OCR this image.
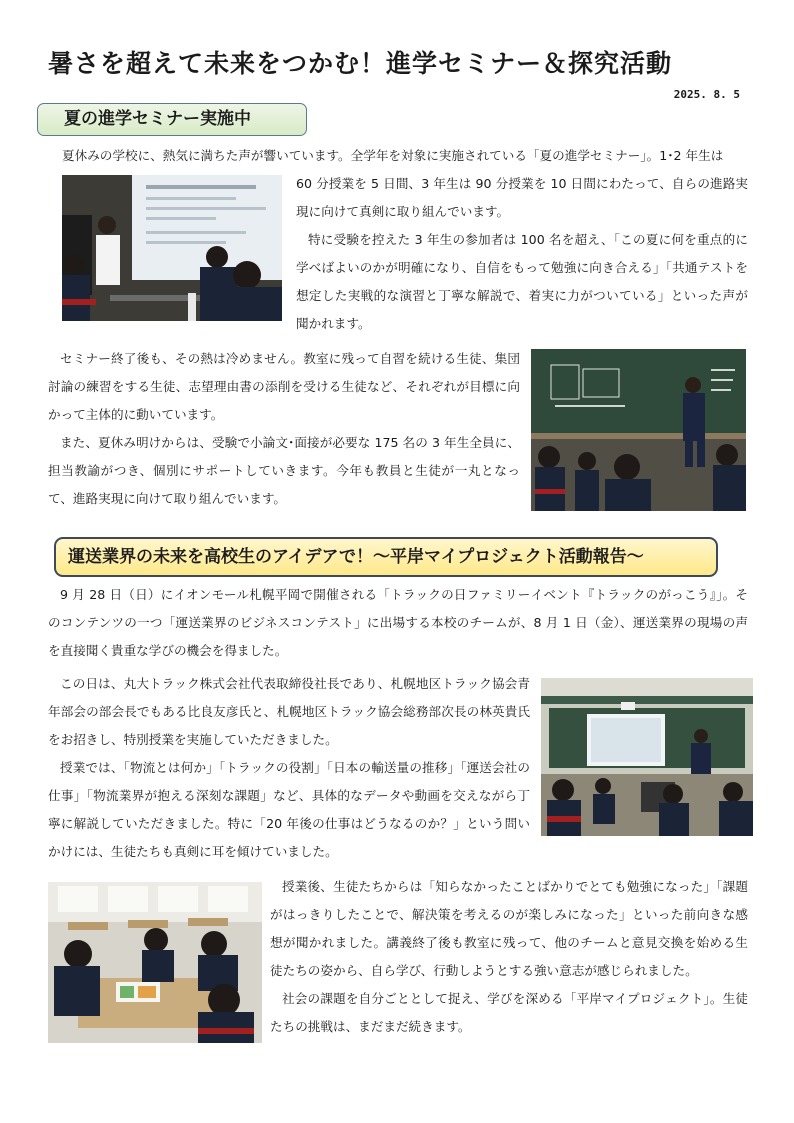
暑さを超えて未来をつかむ！進学セミナー＆探究活動
2025. 8. 5
夏の進学セミナー実施中

夏休みの学校に、熱気に満ちた声が響いています。全学年を対象に実施されている「夏の進学セミナー」。1･2 年生は

60 分授業を 5 日間、3 年生は 90 分授業を 10 日間にわたって、自らの進路実現に向けて真剣に取り組んでいます。

特に受験を控えた 3 年生の参加者は 100 名を超え、「この夏に何を重点的に学べばよいのかが明確になり、自信をもって勉強に向き合える」「共通テストを想定した実戦的な演習と丁寧な解説で、着実に力がついている」といった声が聞かれます。

セミナー終了後も、その熱は冷めません。教室に残って自習を続ける生徒、集団討論の練習をする生徒、志望理由書の添削を受ける生徒など、それぞれが目標に向かって主体的に動いています。

また、夏休み明けからは、受験で小論文･面接が必要な 175 名の 3 年生全員に、担当教諭がつき、個別にサポートしていきます。今年も教員と生徒が一丸となって、進路実現に向けて取り組んでいます。

運送業界の未来を高校生のアイデアで！～平岸マイプロジェクト活動報告～

9 月 28 日（日）にイオンモール札幌平岡で開催される「トラックの日ファミリーイベント『トラックのがっこう』」。そのコンテンツの一つ「運送業界のビジネスコンテスト」に出場する本校のチームが、8 月 1 日（金）、運送業界の現場の声を直接聞く貴重な学びの機会を得ました。

この日は、丸大トラック株式会社代表取締役社長であり、札幌地区トラック協会青年部会の部会長でもある比良友彦氏と、札幌地区トラック協会総務部次長の林英貴氏をお招きし、特別授業を実施していただきました。

授業では、「物流とは何か」「トラックの役割」「日本の輸送量の推移」「運送会社の仕事」「物流業界が抱える深刻な課題」など、具体的なデータや動画を交えながら丁寧に解説していただきました。特に「20 年後の仕事はどうなるのか？」という問いかけには、生徒たちも真剣に耳を傾けていました。

授業後、生徒たちからは「知らなかったことばかりでとても勉強になった」「課題がはっきりしたことで、解決策を考えるのが楽しみになった」といった前向きな感想が聞かれました。講義終了後も教室に残って、他のチームと意見交換を始める生徒たちの姿から、自ら学び、行動しようとする強い意志が感じられました。

社会の課題を自分ごととして捉え、学びを深める「平岸マイプロジェクト」。生徒たちの挑戦は、まだまだ続きます。
